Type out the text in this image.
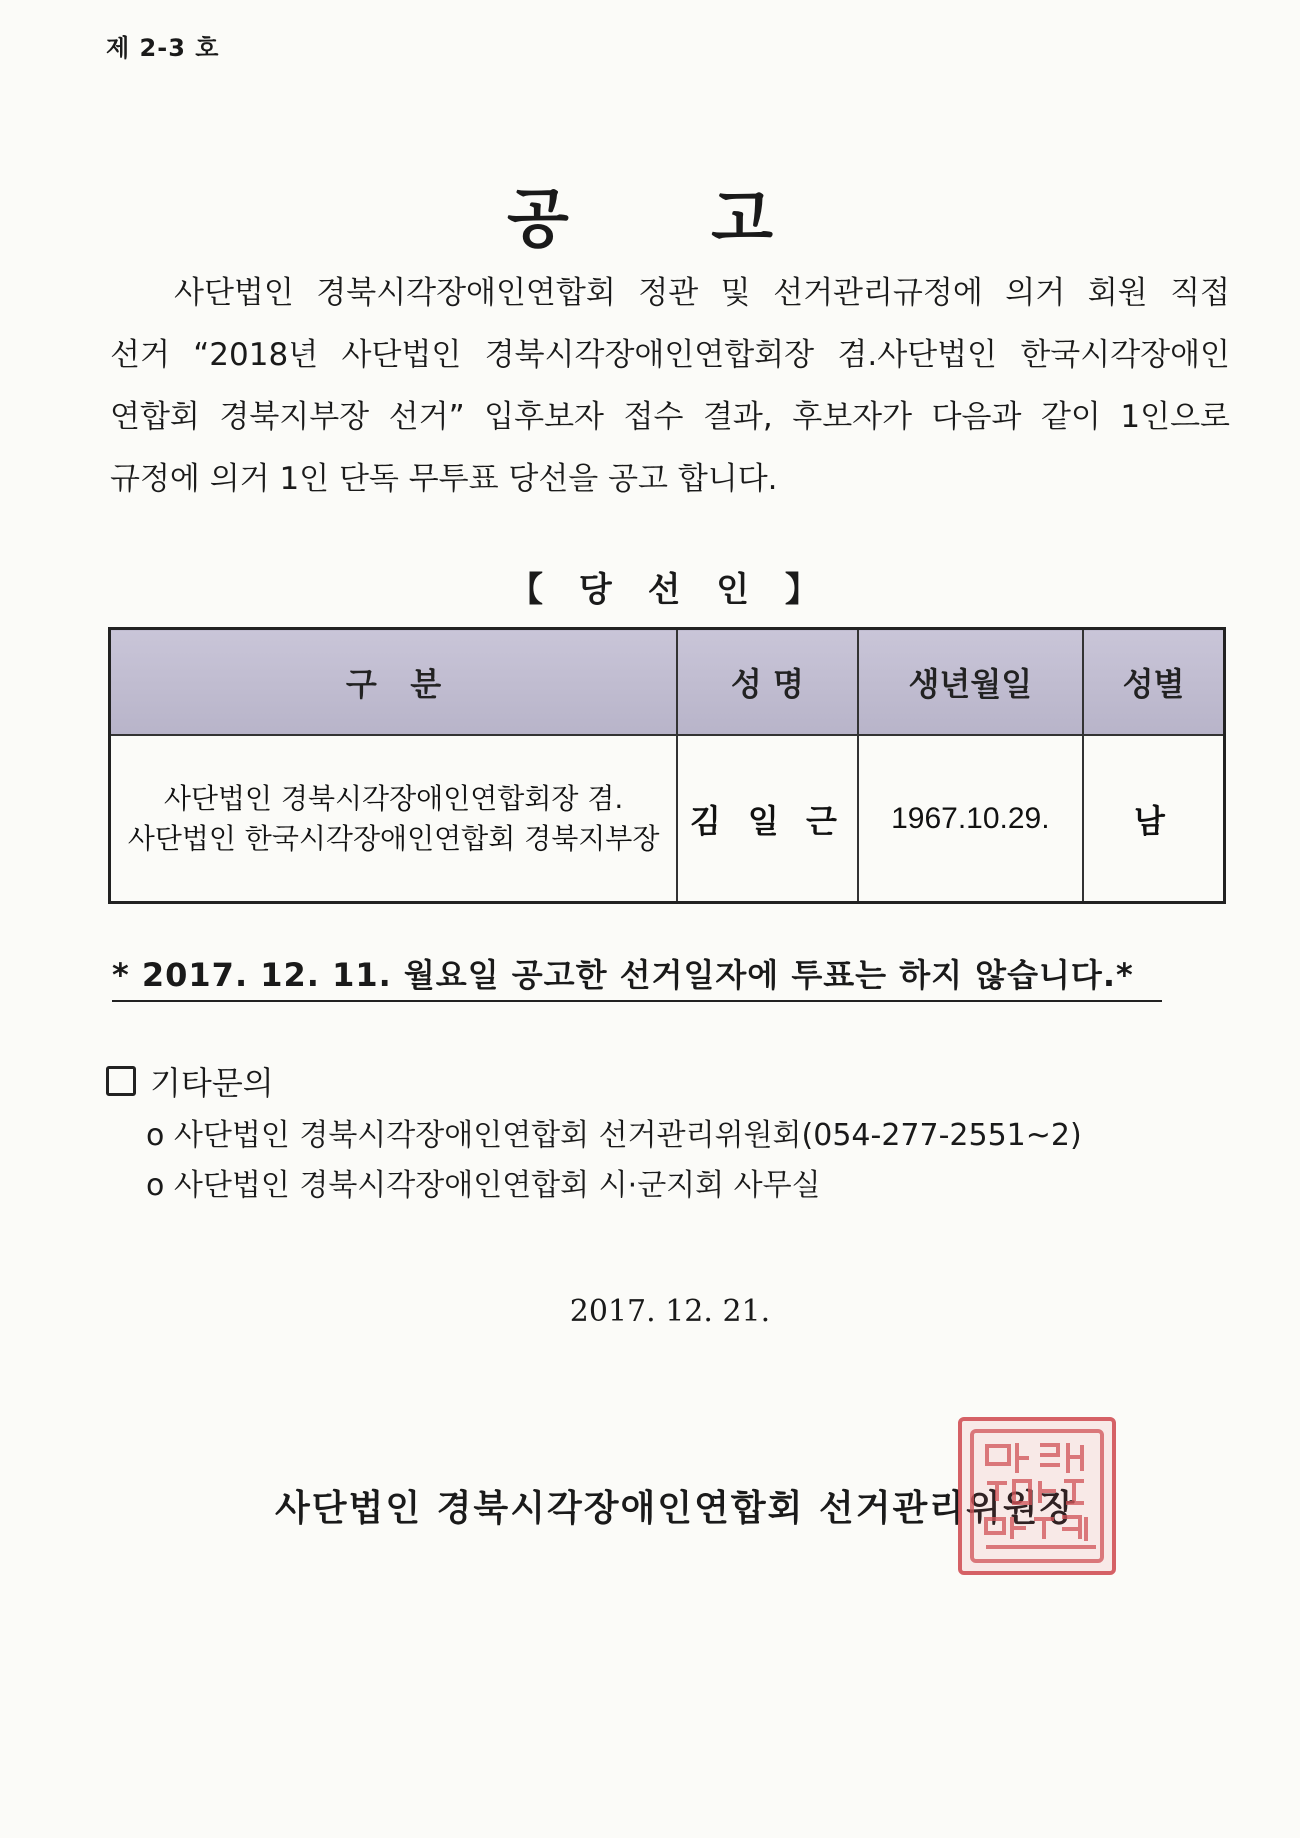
제 2-3 호
공 고
사단법인 경북시각장애인연합회 정관 및 선거관리규정에 의거 회원 직접
선거 “2018년 사단법인 경북시각장애인연합회장 겸.사단법인 한국시각장애인
연합회 경북지부장 선거” 입후보자 접수 결과, 후보자가 다음과 같이 1인으로
규정에 의거 1인 단독 무투표 당선을 공고 합니다.
【 당 선 인 】
구   분	성 명	생년월일	성별

사단법인 경북시각장애인연합회장 겸.
사단법인 한국시각장애인연합회 경북지부장	김 일 근	1967.10.29.	남
* 2017. 12. 11. 월요일 공고한 선거일자에 투표는 하지 않습니다.*
기타문의
o 사단법인 경북시각장애인연합회 선거관리위원회(054-277-2551~2)
o 사단법인 경북시각장애인연합회 시·군지회 사무실
2017. 12. 21.
사단법인 경북시각장애인연합회 선거관리위원장
